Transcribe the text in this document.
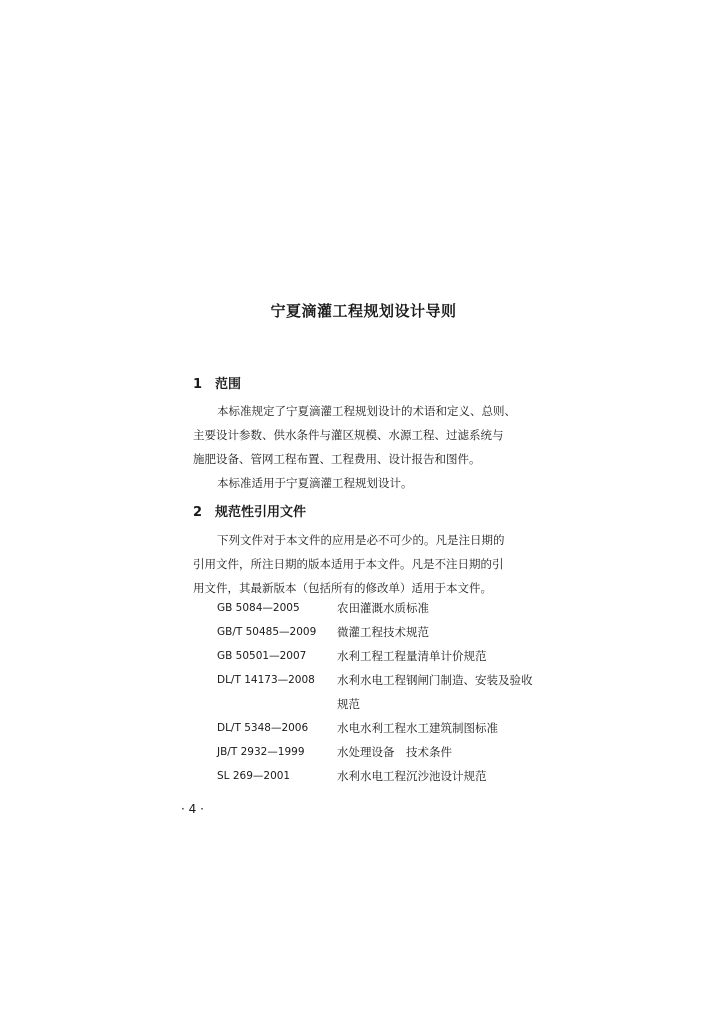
宁夏滴灌工程规划设计导则
1 范围
本标准规定了宁夏滴灌工程规划设计的术语和定义、总则、
主要设计参数、供水条件与灌区规模、水源工程、过滤系统与
施肥设备、管网工程布置、工程费用、设计报告和图件。
本标准适用于宁夏滴灌工程规划设计。
2 规范性引用文件
下列文件对于本文件的应用是必不可少的。凡是注日期的
引用文件，所注日期的版本适用于本文件。凡是不注日期的引
用文件，其最新版本（包括所有的修改单）适用于本文件。
GB 5084—2005	农田灌溉水质标准
GB/T 50485—2009 微灌工程技术规范
GB 50501—2007	水利工程工程量清单计价规范
DL/T 14173—2008 水利水电工程钢闸门制造、安装及验收规范
DL/T 5348—2006	水电水利工程水工建筑制图标准
JB/T 2932—1999	水处理设备　技术条件
SL 269—2001	水利水电工程沉沙池设计规范
· 4 ·
